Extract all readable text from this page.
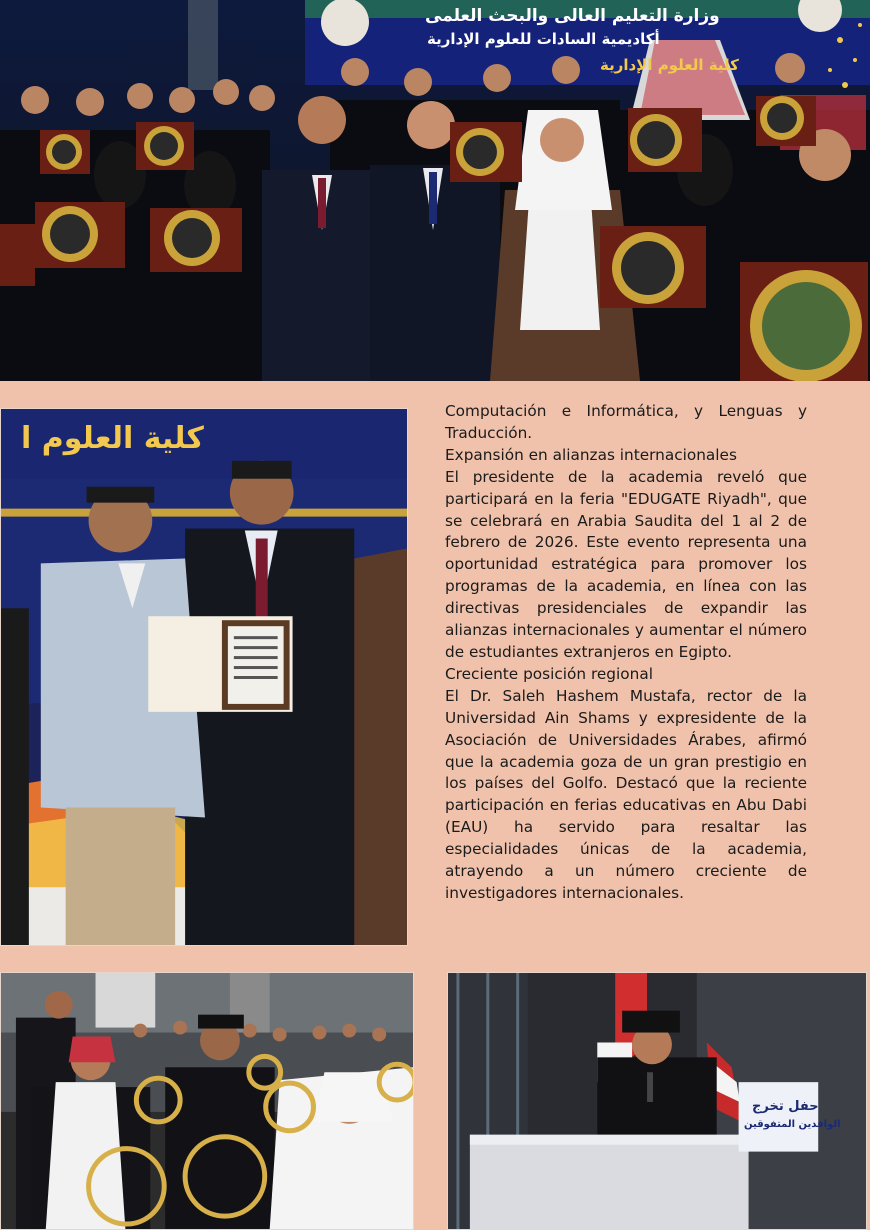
وزارة التعليم العالى والبحث العلمى
أكاديمية السادات للعلوم الإدارية
كلية العلوم الإدارية
كلية العلوم ا

Computación e Informática, y Lenguas y Traducción.

Expansión en alianzas internacionales

El presidente de la academia reveló que participará en la feria "EDUGATE Riyadh", que se celebrará en Arabia Saudita del 1 al 2 de febrero de 2026. Este evento representa una oportunidad estratégica para promover los programas de la academia, en línea con las directivas presidenciales de expandir las alianzas internacionales y aumentar el número de estudiantes extranjeros en Egipto.

Creciente posición regional

El Dr. Saleh Hashem Mustafa, rector de la Universidad Ain Shams y expresidente de la Asociación de Universidades Árabes, afirmó que la academia goza de un gran prestigio en los países del Golfo. Destacó que la reciente participación en ferias educativas en Abu Dabi (EAU) ha servido para resaltar las especialidades únicas de la academia, atrayendo a un número creciente de investigadores internacionales.

حفل تخرج
الوافدين المتفوقين
